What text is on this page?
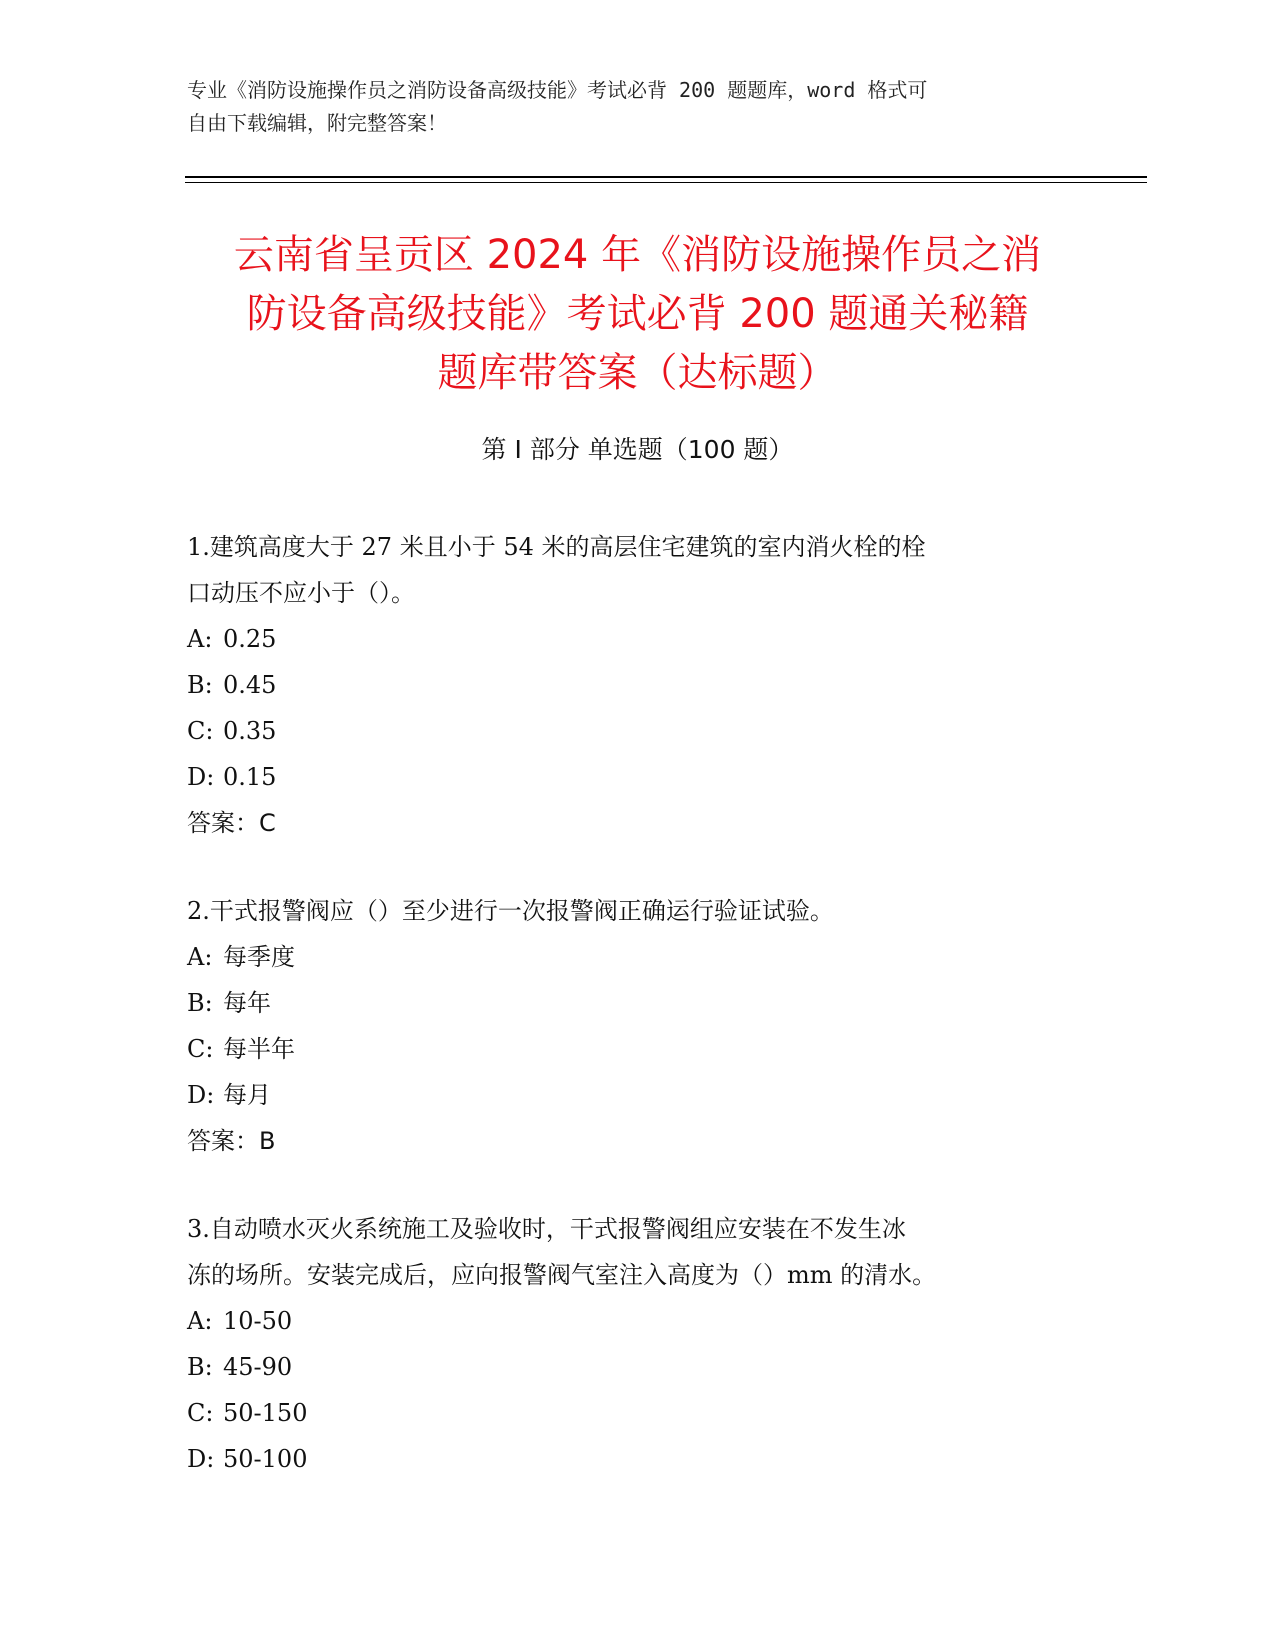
专业《消防设施操作员之消防设备高级技能》考试必背 200 题题库，word 格式可
自由下载编辑，附完整答案！
云南省呈贡区 2024 年《消防设施操作员之消
防设备高级技能》考试必背 200 题通关秘籍
题库带答案（达标题）
第 I 部分 单选题（100 题）
1.建筑高度大于 27 米且小于 54 米的高层住宅建筑的室内消火栓的栓
口动压不应小于（）。
A: 0.25
B: 0.45
C: 0.35
D: 0.15
答案：C
2.干式报警阀应（）至少进行一次报警阀正确运行验证试验。
A: 每季度
B: 每年
C: 每半年
D: 每月
答案：B
3.自动喷水灭火系统施工及验收时，干式报警阀组应安装在不发生冰
冻的场所。安装完成后，应向报警阀气室注入高度为（）mm 的清水。
A: 10-50
B: 45-90
C: 50-150
D: 50-100
